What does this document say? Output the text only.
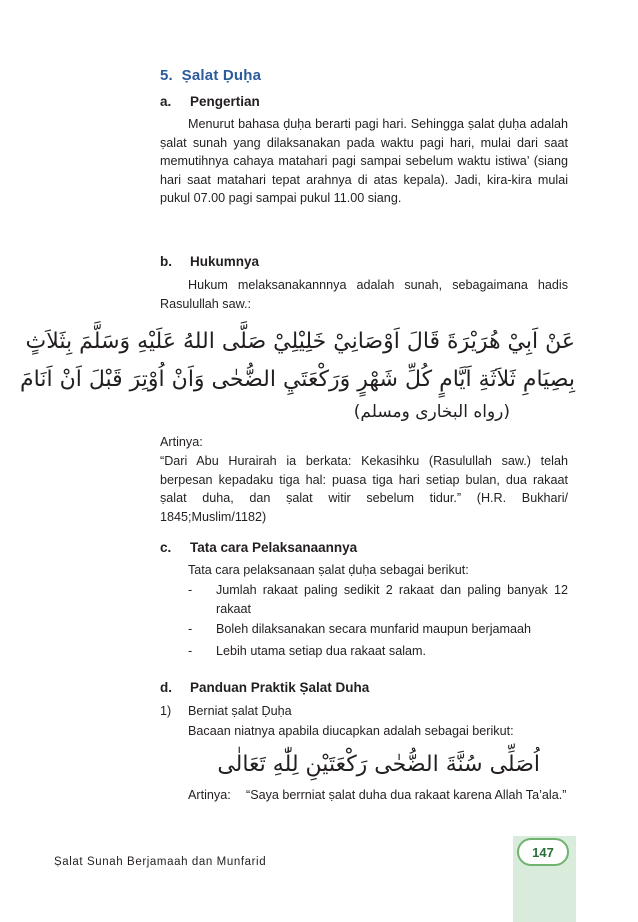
5. Ṣalat Ḍuḥa
a. Pengertian
Menurut bahasa ḍuḥa berarti pagi hari. Sehingga ṣalat ḍuḥa adalah ṣalat sunah yang dilaksanakan pada waktu pagi hari, mulai dari saat memutihnya cahaya matahari pagi sampai sebelum waktu istiwa’ (siang hari saat matahari tepat arahnya di atas kepala). Jadi, kira-kira mulai pukul 07.00 pagi sampai pukul 11.00 siang.
b. Hukumnya
Hukum melaksanakannnya adalah sunah, sebagaimana hadis Rasulullah saw.:
عَنْ اَبِيْ هُرَيْرَةَ قَالَ اَوْصَانِيْ خَلِيْلِيْ صَلَّى اللهُ عَلَيْهِ وَسَلَّمَ بِثَلاَثٍ
بِصِيَامِ ثَلاَثَةِ اَيَّامٍ كُلِّ شَهْرٍ وَرَكْعَتَيِ الضُّحٰى وَاَنْ اُوْتِرَ قَبْلَ اَنْ اَنَامَ
(رواه البخارى ومسلم)
Artinya:
“Dari Abu Hurairah ia berkata: Kekasihku (Rasulullah saw.) telah berpesan kepadaku tiga hal: puasa tiga hari setiap bulan, dua rakaat ṣalat duha, dan ṣalat witir sebelum tidur.” (H.R. Bukhari/ 1845;Muslim/1182)
c. Tata cara Pelaksanaannya
Tata cara pelaksanaan ṣalat ḍuḥa sebagai berikut:
- Jumlah rakaat paling sedikit 2 rakaat dan paling banyak 12 rakaat
- Boleh dilaksanakan secara munfarid maupun berjamaah
- Lebih utama setiap dua rakaat salam.
d. Panduan Praktik Ṣalat Duha
1)	Berniat ṣalat Ḍuḥa
Bacaan niatnya apabila diucapkan adalah sebagai berikut:
اُصَلِّى سُنَّةَ الضُّحٰى رَكْعَتَيْنِ لِلّٰهِ تَعَالٰى
Artinya:	“Saya berrniat ṣalat duha dua rakaat karena Allah Ta’ala.”
147
Ṣalat Sunah Berjamaah dan Munfarid
